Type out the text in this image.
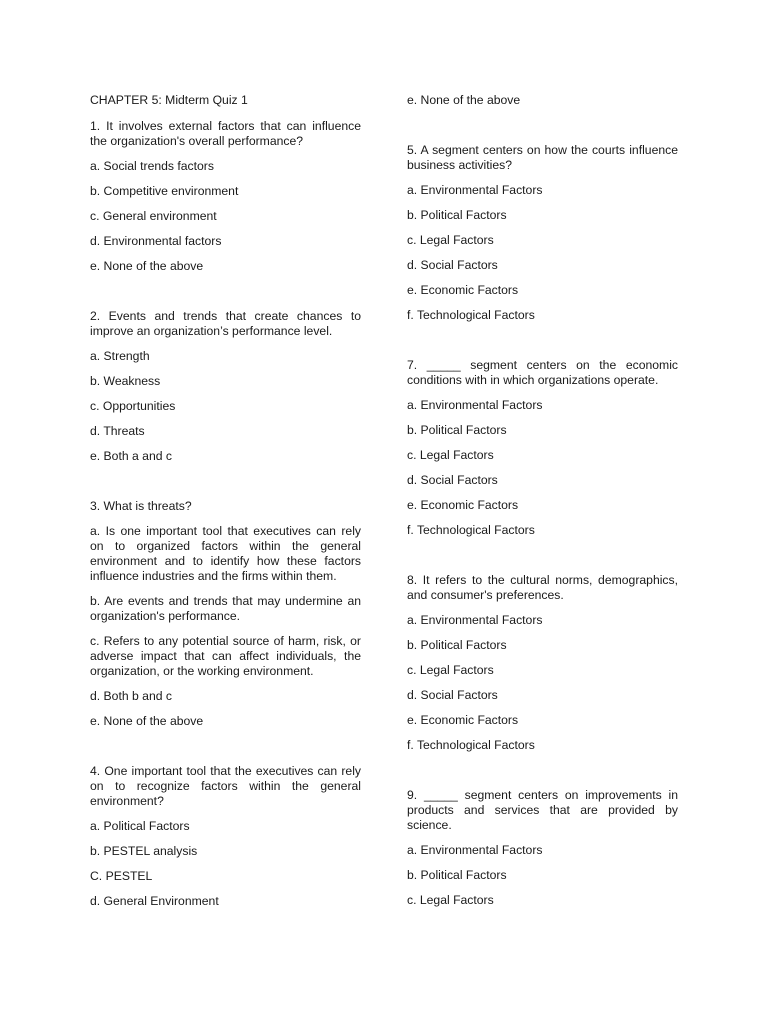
CHAPTER 5: Midterm Quiz 1

1. It involves external factors that can influence the organization's overall performance?

a. Social trends factors

b. Competitive environment

c. General environment

d. Environmental factors

e. None of the above

2. Events and trends that create chances to improve an organization’s performance level.

a. Strength

b. Weakness

c. Opportunities

d. Threats

e. Both a and c

3. What is threats?

a. Is one important tool that executives can rely on to organized factors within the general environment and to identify how these factors influence industries and the firms within them.

b. Are events and trends that may undermine an organization's performance.

c. Refers to any potential source of harm, risk, or adverse impact that can affect individuals, the organization, or the working environment.

d. Both b and c

e. None of the above

4. One important tool that the executives can rely on to recognize factors within the general environment?

a. Political Factors

b. PESTEL analysis

C. PESTEL

d. General Environment

e. None of the above

5. A segment centers on how the courts influence business activities?

a. Environmental Factors

b. Political Factors

c. Legal Factors

d. Social Factors

e. Economic Factors

f. Technological Factors

7. _____ segment centers on the economic conditions with in which organizations operate.

a. Environmental Factors

b. Political Factors

c. Legal Factors

d. Social Factors

e. Economic Factors

f. Technological Factors

8. It refers to the cultural norms, demographics, and consumer's preferences.

a. Environmental Factors

b. Political Factors

c. Legal Factors

d. Social Factors

e. Economic Factors

f. Technological Factors

9. _____ segment centers on improvements in products and services that are provided by science.

a. Environmental Factors

b. Political Factors

c. Legal Factors
